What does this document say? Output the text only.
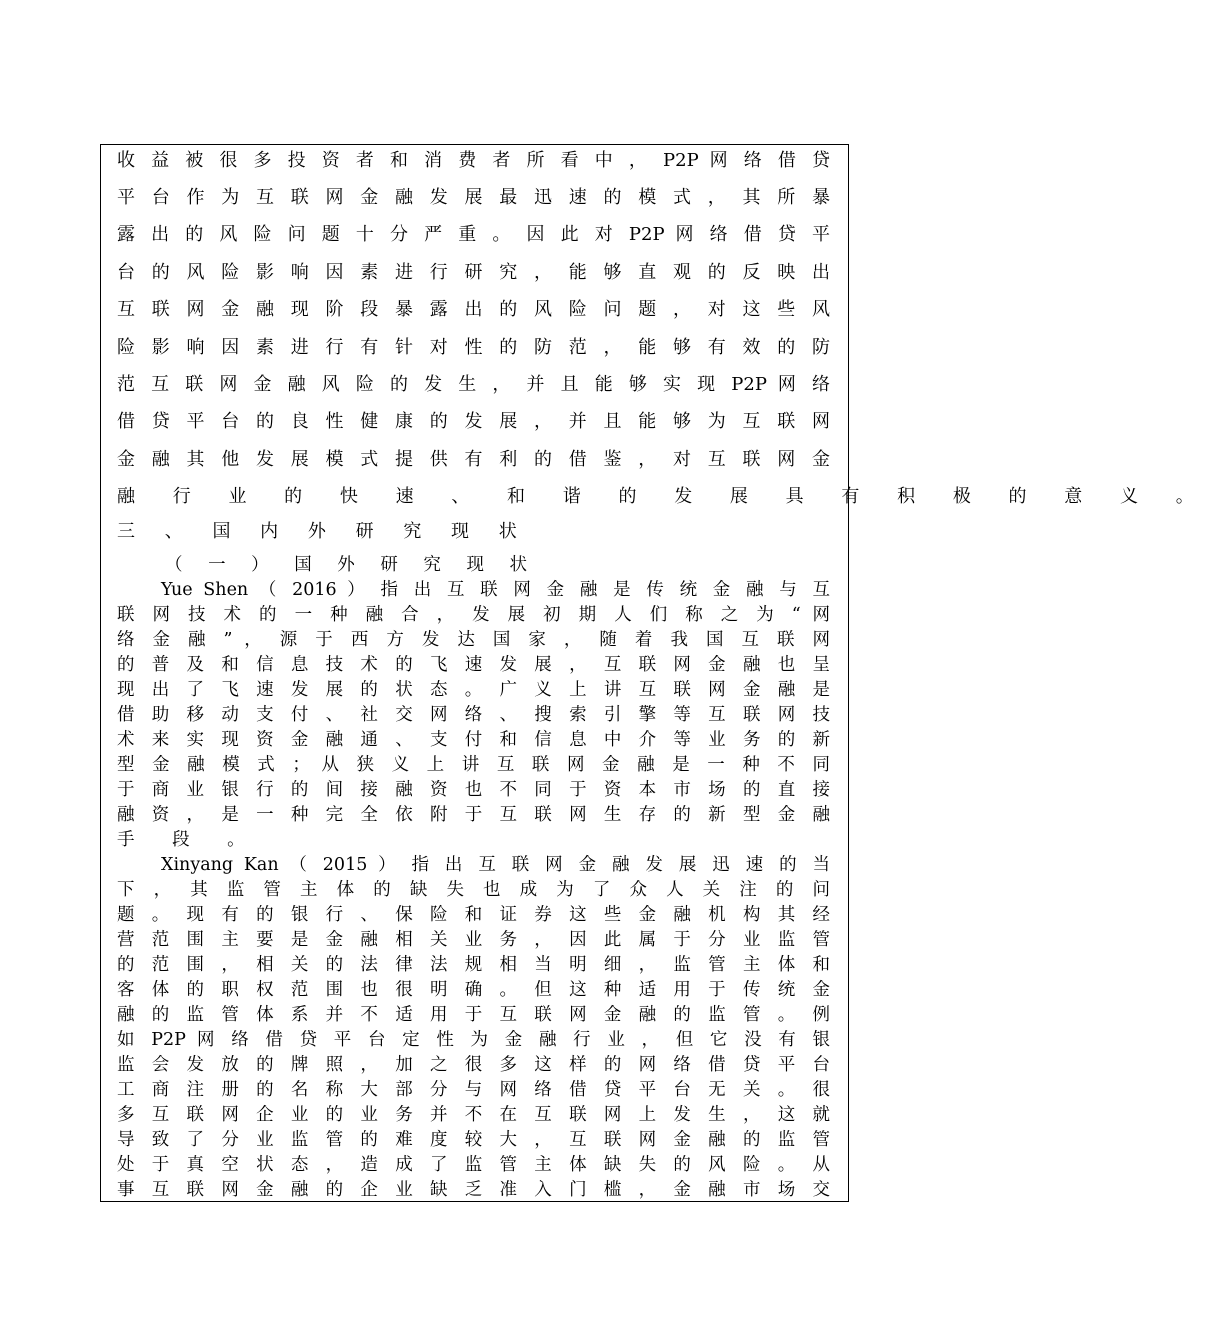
收 益 被 很 多 投 资 者 和 消 费 者 所 看 中 ， P2P 网 络 借 贷

平 台 作 为 互 联 网 金 融 发 展 最 迅 速 的 模 式 ， 其 所 暴

露 出 的 风 险 问 题 十 分 严 重 。 因 此 对 P2P 网 络 借 贷 平

台 的 风 险 影 响 因 素 进 行 研 究 ， 能 够 直 观 的 反 映 出

互 联 网 金 融 现 阶 段 暴 露 出 的 风 险 问 题 ， 对 这 些 风

险 影 响 因 素 进 行 有 针 对 性 的 防 范 ， 能 够 有 效 的 防

范 互 联 网 金 融 风 险 的 发 生 ， 并 且 能 够 实 现 P2P 网 络

借 贷 平 台 的 良 性 健 康 的 发 展 ， 并 且 能 够 为 互 联 网

金 融 其 他 发 展 模 式 提 供 有 利 的 借 鉴 ， 对 互 联 网 金

融 行 业 的 快 速 、 和 谐 的 发 展 具 有 积 极 的 意 义 。

三 、 国 内 外 研 究 现 状

（ 一 ） 国 外 研 究 现 状

Yue Shen （ 2016 ） 指 出 互 联 网 金 融 是 传 统 金 融 与 互

联 网 技 术 的 一 种 融 合 ， 发 展 初 期 人 们 称 之 为 “ 网

络 金 融 ” ， 源 于 西 方 发 达 国 家 ， 随 着 我 国 互 联 网

的 普 及 和 信 息 技 术 的 飞 速 发 展 ， 互 联 网 金 融 也 呈

现 出 了 飞 速 发 展 的 状 态 。 广 义 上 讲 互 联 网 金 融 是

借 助 移 动 支 付 、 社 交 网 络 、 搜 索 引 擎 等 互 联 网 技

术 来 实 现 资 金 融 通 、 支 付 和 信 息 中 介 等 业 务 的 新

型 金 融 模 式 ； 从 狭 义 上 讲 互 联 网 金 融 是 一 种 不 同

于 商 业 银 行 的 间 接 融 资 也 不 同 于 资 本 市 场 的 直 接

融 资 ， 是 一 种 完 全 依 附 于 互 联 网 生 存 的 新 型 金 融

手 段 。

Xinyang Kan （ 2015 ） 指 出 互 联 网 金 融 发 展 迅 速 的 当

下 ， 其 监 管 主 体 的 缺 失 也 成 为 了 众 人 关 注 的 问

题 。 现 有 的 银 行 、 保 险 和 证 券 这 些 金 融 机 构 其 经

营 范 围 主 要 是 金 融 相 关 业 务 ， 因 此 属 于 分 业 监 管

的 范 围 ， 相 关 的 法 律 法 规 相 当 明 细 ， 监 管 主 体 和

客 体 的 职 权 范 围 也 很 明 确 。 但 这 种 适 用 于 传 统 金

融 的 监 管 体 系 并 不 适 用 于 互 联 网 金 融 的 监 管 。 例

如 P2P 网 络 借 贷 平 台 定 性 为 金 融 行 业 ， 但 它 没 有 银

监 会 发 放 的 牌 照 ， 加 之 很 多 这 样 的 网 络 借 贷 平 台

工 商 注 册 的 名 称 大 部 分 与 网 络 借 贷 平 台 无 关 。 很

多 互 联 网 企 业 的 业 务 并 不 在 互 联 网 上 发 生 ， 这 就

导 致 了 分 业 监 管 的 难 度 较 大 ， 互 联 网 金 融 的 监 管

处 于 真 空 状 态 ， 造 成 了 监 管 主 体 缺 失 的 风 险 。 从

事 互 联 网 金 融 的 企 业 缺 乏 准 入 门 槛 ， 金 融 市 场 交
